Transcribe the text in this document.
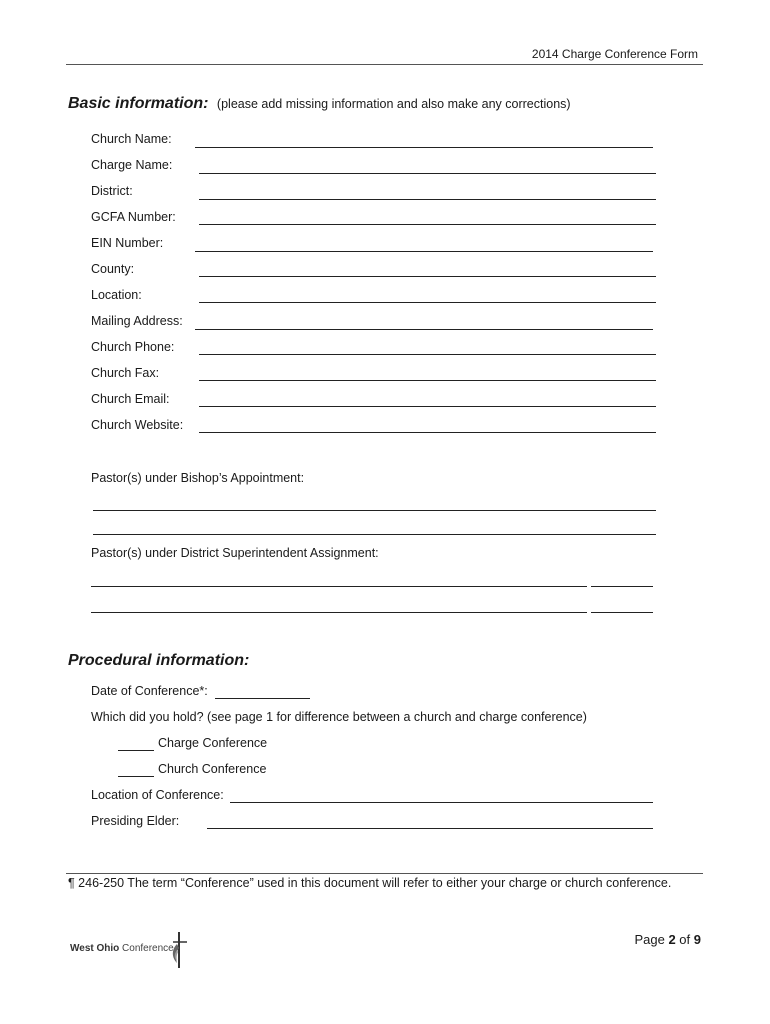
2014 Charge Conference Form
Basic information: (please add missing information and also make any corrections)
Church Name:
Charge Name:
District:
GCFA Number:
EIN Number:
County:
Location:
Mailing Address:
Church Phone:
Church Fax:
Church Email:
Church Website:
Pastor(s) under Bishop’s Appointment:
Pastor(s) under District Superintendent Assignment:
Procedural information:
Date of Conference*:
Which did you hold? (see page 1 for difference between a church and charge conference)
Charge Conference
Church Conference
Location of Conference:
Presiding Elder:
¶ 246-250 The term “Conference” used in this document will refer to either your charge or church conference.
West Ohio Conference
Page 2 of 9
